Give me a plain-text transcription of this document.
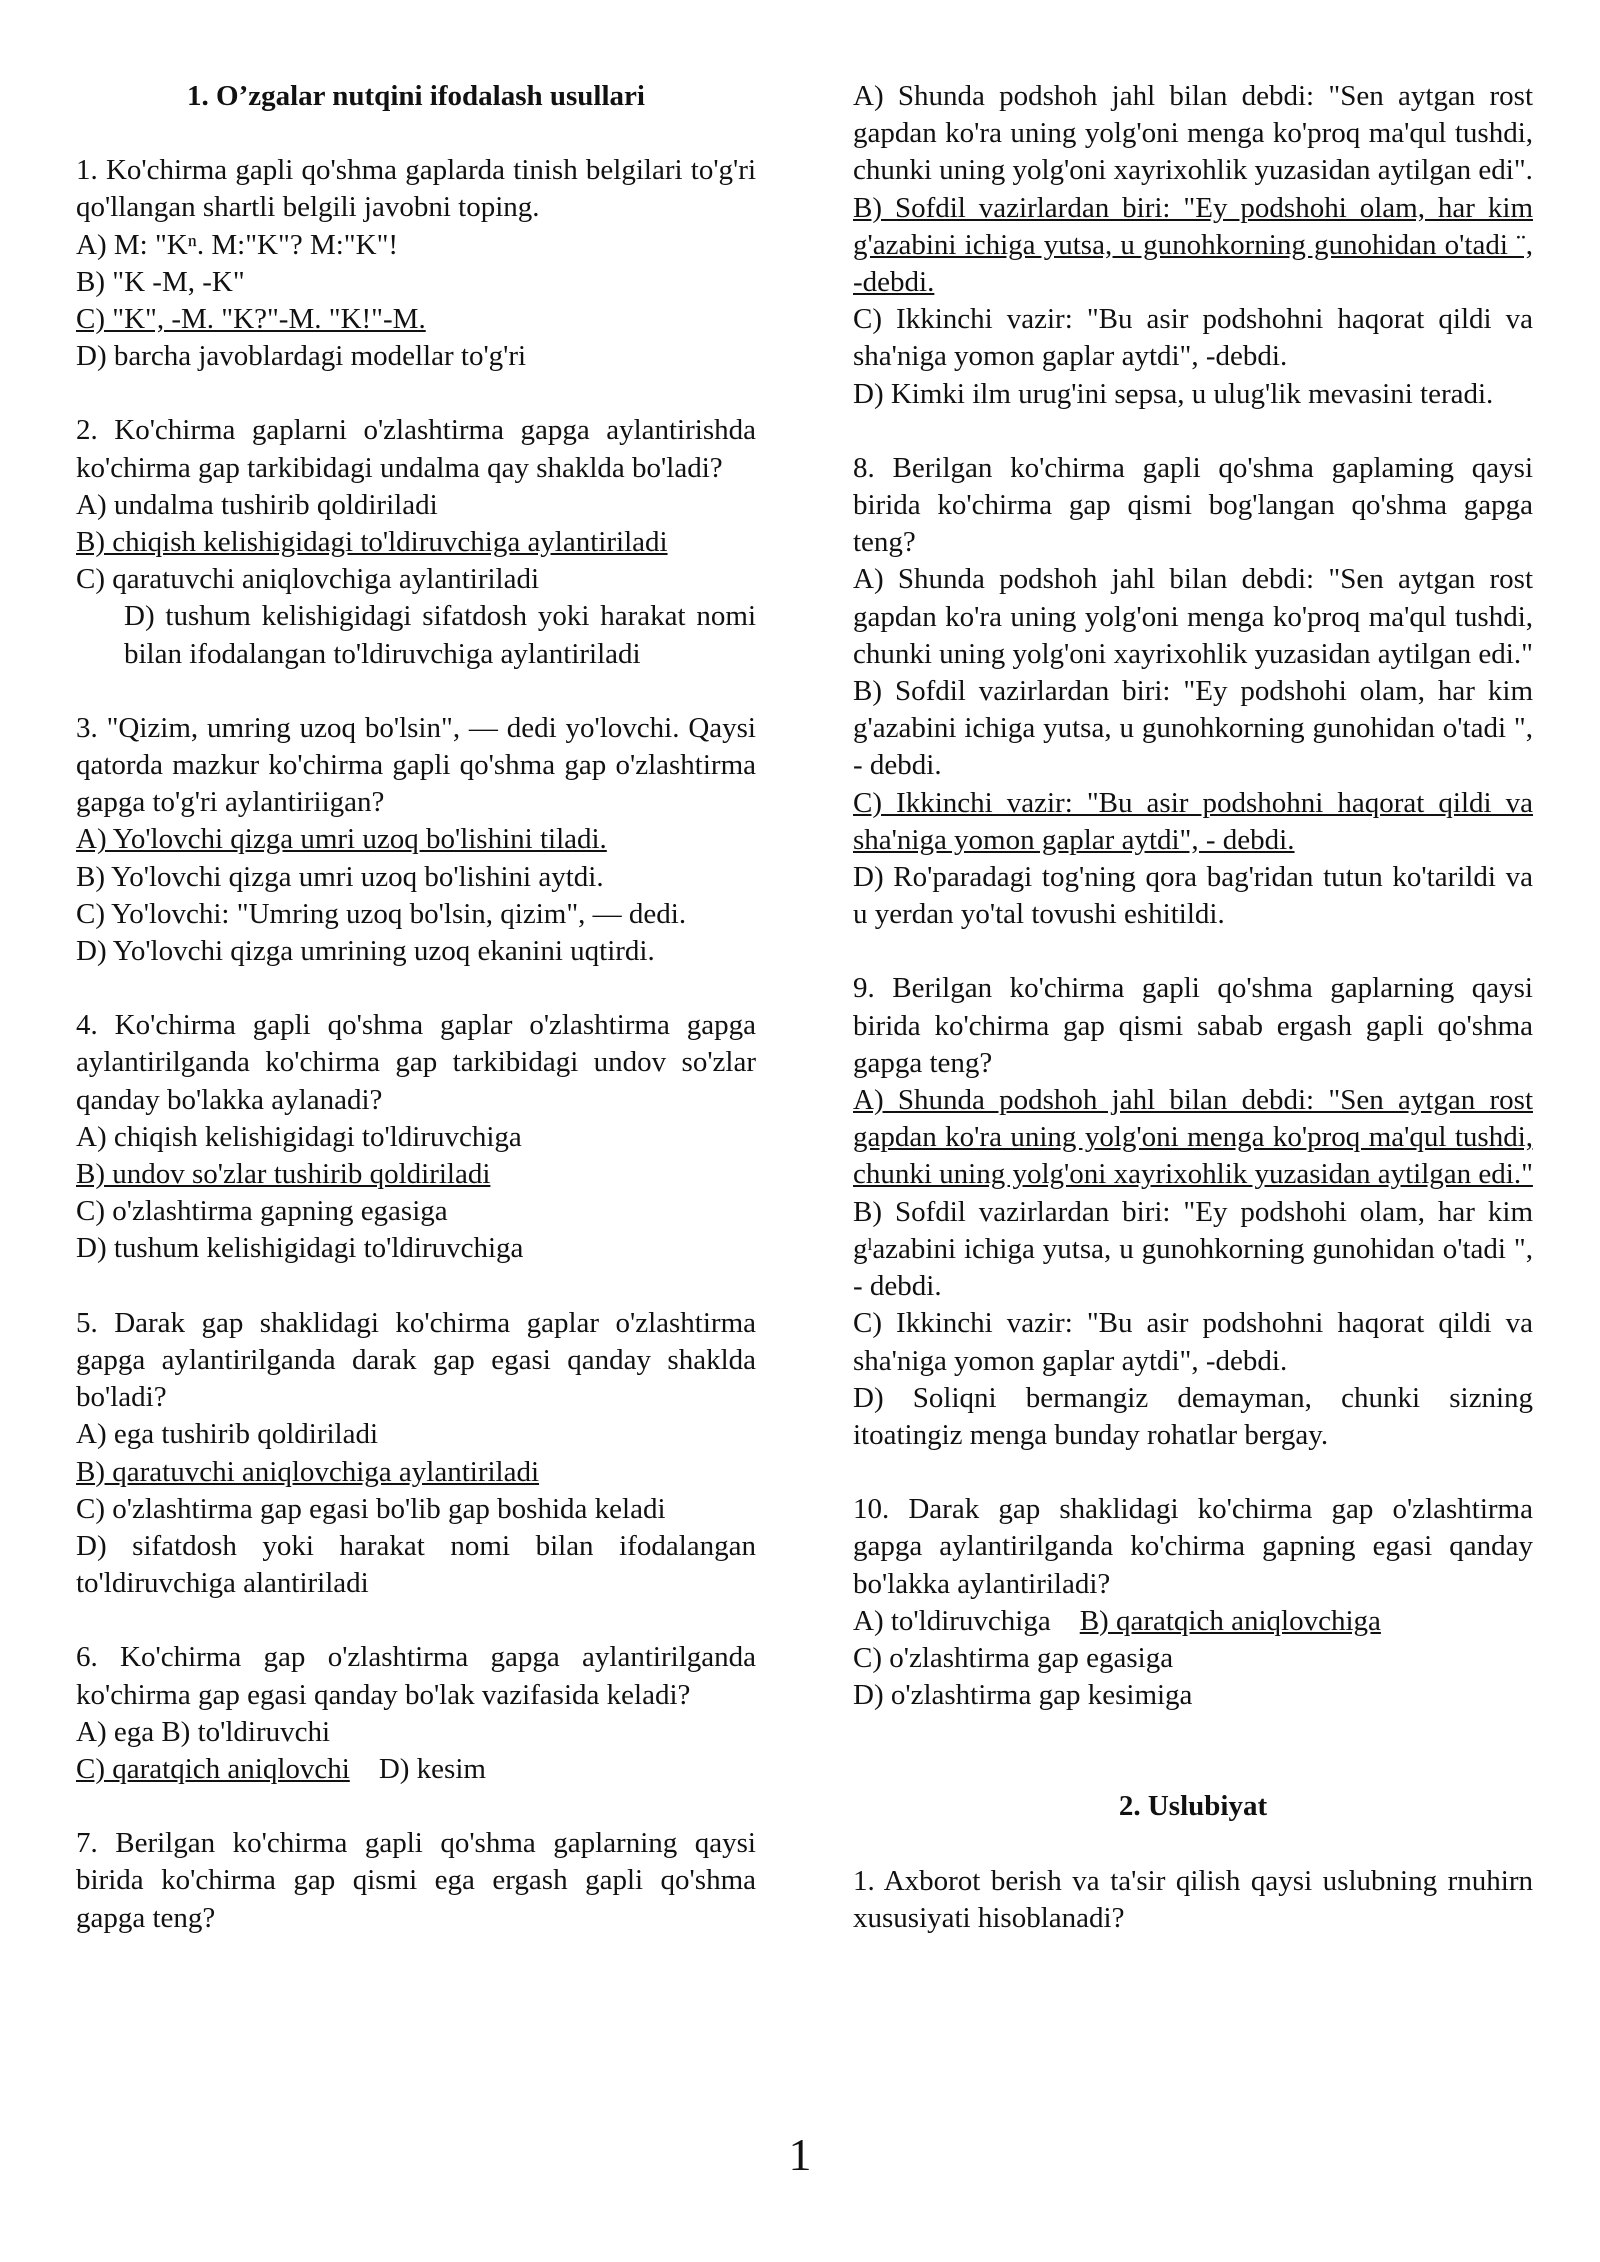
1. O’zgalar nutqini ifodalash usullari

1. Ko'chirma gapli qo'shma gaplarda tinish belgilari to'g'ri qo'llangan shartli belgili javobni toping.

A) M: "Kⁿ. M:"K"? M:"K"!

B) "K -M, -K"

C) "K", -M. "K?"-M. "K!"-M.

D) barcha javoblardagi modellar to'g'ri

2. Ko'chirma gaplarni o'zlashtirma gapga aylantirishda ko'chirma gap tarkibidagi undalma qay shaklda bo'ladi?

A) undalma tushirib qoldiriladi

B) chiqish kelishigidagi to'ldiruvchiga aylantiriladi

C) qaratuvchi aniqlovchiga aylantiriladi

D) tushum kelishigidagi sifatdosh yoki harakat nomi bilan ifodalangan to'ldiruvchiga aylantiriladi

3. "Qizim, umring uzoq bo'lsin", — dedi yo'lovchi. Qaysi qatorda mazkur ko'chirma gapli qo'shma gap o'zlashtirma gapga to'g'ri aylantiriigan?

A) Yo'lovchi qizga umri uzoq bo'lishini tiladi.

B) Yo'lovchi qizga umri uzoq bo'lishini aytdi.

C) Yo'lovchi: "Umring uzoq bo'lsin, qizim", — dedi.

D) Yo'lovchi qizga umrining uzoq ekanini uqtirdi.

4. Ko'chirma gapli qo'shma gaplar o'zlashtirma gapga aylantirilganda ko'chirma gap tarkibidagi undov so'zlar qanday bo'lakka aylanadi?

A) chiqish kelishigidagi to'ldiruvchiga

B) undov so'zlar tushirib qoldiriladi

C) o'zlashtirma gapning egasiga

D) tushum kelishigidagi to'ldiruvchiga

5. Darak gap shaklidagi ko'chirma gaplar o'zlashtirma gapga aylantirilganda darak gap egasi qanday shaklda bo'ladi?

A) ega tushirib qoldiriladi

B) qaratuvchi aniqlovchiga aylantiriladi

C) o'zlashtirma gap egasi bo'lib gap boshida keladi

D) sifatdosh yoki harakat nomi bilan ifodalangan to'ldiruvchiga alantiriladi

6. Ko'chirma gap o'zlashtirma gapga aylantirilganda ko'chirma gap egasi qanday bo'lak vazifasida keladi?

A) ega B) to'ldiruvchi

C) qaratqich aniqlovchi D) kesim

7. Berilgan ko'chirma gapli qo'shma gaplarning qaysi birida ko'chirma gap qismi ega ergash gapli qo'shma gapga teng?

A) Shunda podshoh jahl bilan debdi: "Sen aytgan rost gapdan ko'ra uning yolg'oni menga ko'proq ma'qul tushdi, chunki uning yolg'oni xayrixohlik yuzasidan aytilgan edi".

B) Sofdil vazirlardan biri: "Ey podshohi olam, har kim g'azabini ichiga yutsa, u gunohkorning gunohidan o'tadi ¨, -debdi.

C) Ikkinchi vazir: "Bu asir podshohni haqorat qildi va sha'niga yomon gaplar aytdi", -debdi.

D) Kimki ilm urug'ini sepsa, u ulug'lik mevasini teradi.

8. Berilgan ko'chirma gapli qo'shma gaplaming qaysi birida ko'chirma gap qismi bog'langan qo'shma gapga teng?

A) Shunda podshoh jahl bilan debdi: "Sen aytgan rost gapdan ko'ra uning yolg'oni menga ko'proq ma'qul tushdi, chunki uning yolg'oni xayrixohlik yuzasidan aytilgan edi."

B) Sofdil vazirlardan biri: "Ey podshohi olam, har kim g'azabini ichiga yutsa, u gunohkorning gunohidan o'tadi ", - debdi.

C) Ikkinchi vazir: "Bu asir podshohni haqorat qildi va sha'niga yomon gaplar aytdi", - debdi.

D) Ro'paradagi tog'ning qora bag'ridan tutun ko'tarildi va u yerdan yo'tal tovushi eshitildi.

9. Berilgan ko'chirma gapli qo'shma gaplarning qaysi birida ko'chirma gap qismi sabab ergash gapli qo'shma gapga teng?

A) Shunda podshoh jahl bilan debdi: "Sen aytgan rost gapdan ko'ra uning yolg'oni menga ko'proq ma'qul tushdi, chunki uning yolg'oni xayrixohlik yuzasidan aytilgan edi."

B) Sofdil vazirlardan biri: "Ey podshohi olam, har kim gˡazabini ichiga yutsa, u gunohkorning gunohidan o'tadi ", - debdi.

C) Ikkinchi vazir: "Bu asir podshohni haqorat qildi va sha'niga yomon gaplar aytdi", -debdi.

D) Soliqni bermangiz demayman, chunki sizning itoatingiz menga bunday rohatlar bergay.

10. Darak gap shaklidagi ko'chirma gap o'zlashtirma gapga aylantirilganda ko'chirma gapning egasi qanday bo'lakka aylantiriladi?

A) to'ldiruvchiga B) qaratqich aniqlovchiga

C) o'zlashtirma gap egasiga

D) o'zlashtirma gap kesimiga

2. Uslubiyat

1. Axborot berish va ta'sir qilish qaysi uslubning rnuhirn xususiyati hisoblanadi?

1
